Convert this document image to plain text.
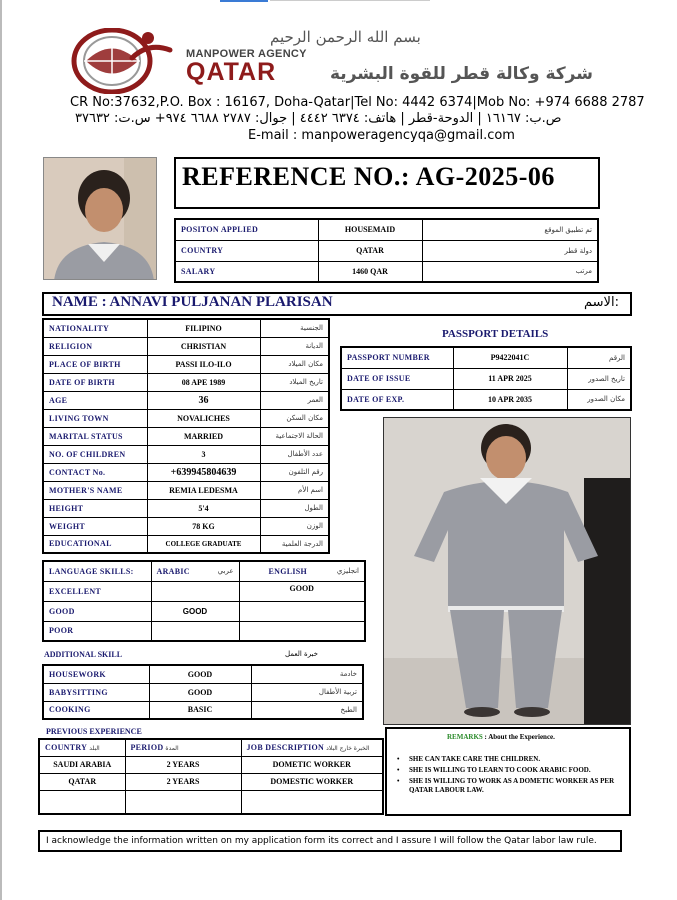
بسم الله الرحمن الرحيم
MANPOWER AGENCY
QATAR	شركة وكالة قطر للقوة البشرية
CR No:37632,P.O. Box : 16167, Doha-Qatar|Tel No: 4442 6374|Mob No: +974 6688 2787
ص.ب: ١٦١٦٧ | الدوحة-قطر | هاتف: ٦٣٧٤ ٤٤٤٢ | جوال: ٢٧٨٧ ٦٦٨٨ ٩٧٤+ س.ت: ٣٧٦٣٢
E-mail : manpoweragencyqa@gmail.com
REFERENCE NO.: AG-2025-06
POSITON APPLIED	HOUSEMAID	تم تطبيق الموقع
COUNTRY	QATAR	دولة قطر
SALARY	1460 QAR	مرتب
NAME : ANNAVI PULJANAN PLARISAN	الاسم:
NATIONALITY	FILIPINO	الجنسية
RELIGION	CHRISTIAN	الديانة
PLACE OF BIRTH	PASSI ILO-ILO	مكان الميلاد
DATE OF BIRTH	08 APE 1989	تاريخ الميلاد
AGE	36	العمر
LIVING TOWN	NOVALICHES	مكان السكن
MARITAL STATUS	MARRIED	الحالة الاجتماعية
NO. OF CHILDREN	3	عدد الأطفال
CONTACT No.	+639945804639	رقم التلفون
MOTHER'S NAME	REMIA LEDESMA	اسم الأم
HEIGHT	5'4	الطول
WEIGHT	78 KG	الوزن
EDUCATIONAL	COLLEGE GRADUATE	الدرجة العلمية
PASSPORT DETAILS
PASSPORT NUMBER	P9422041C	الرقم
DATE OF ISSUE	11 APR 2025	تاريخ الصدور
DATE OF EXP.	10 APR 2035	مكان الصدور
LANGUAGE SKILLS:	ARABIC عربي	ENGLISH انجليزي

EXCELLENT		GOOD
GOOD	GOOD	
POOR		
ADDITIONAL SKILL	خبرة العمل
HOUSEWORK	GOOD	خادمة
BABYSITTING	GOOD	تربية الأطفال
COOKING	BASIC	الطبخ
PREVIOUS EXPERIENCE
COUNTRY البلد	PERIOD المدة	JOB DESCRIPTION الخبرة خارج البلاد
SAUDI ARABIA	2 YEARS	DOMETIC WORKER
QATAR	2 YEARS	DOMESTIC WORKER

REMARKS : About the Experience.
• SHE CAN TAKE CARE THE CHILDREN.
• SHE IS WILLING TO LEARN TO COOK ARABIC FOOD.
• SHE IS WILLING TO WORK AS A DOMETIC WORKER AS PER QATAR LABOUR LAW.
I acknowledge the information written on my application form its correct and I assure I will follow the Qatar labor law rule.
